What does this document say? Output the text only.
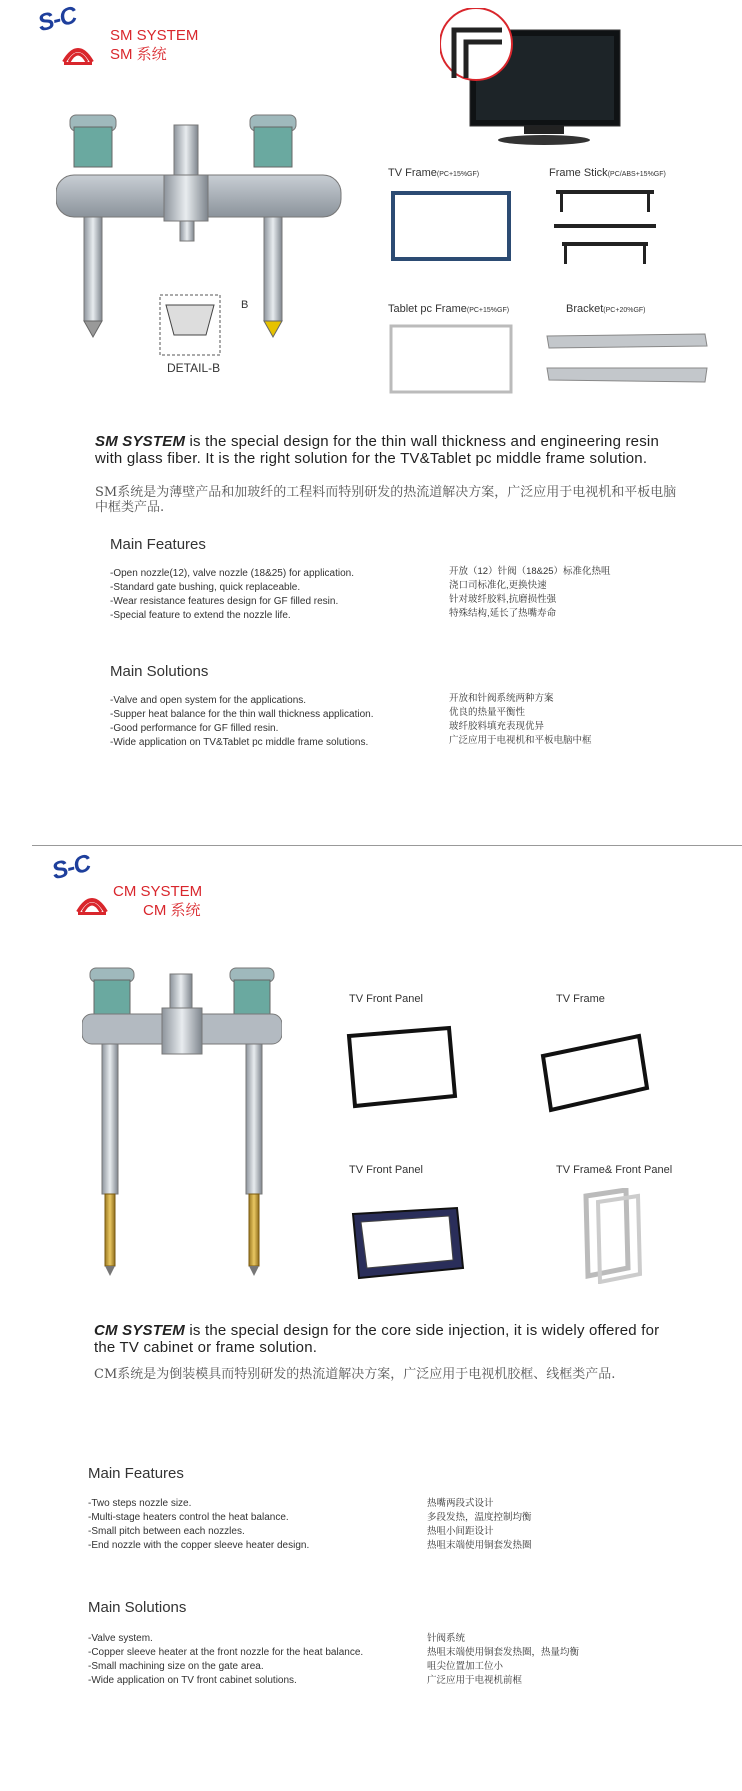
S-C SM SYSTEM
SM 系统
B
DETAIL-B
TV Frame(PC+15%GF)	Frame Stick(PC/ABS+15%GF)
Tablet pc Frame(PC+15%GF)	Bracket(PC+20%GF)
SM SYSTEM is the special design for the thin wall thickness and engineering resin with glass fiber. It is the right solution for the TV&Tablet pc middle frame solution.
SM系统是为薄壁产品和加玻纤的工程料而特别研发的热流道解决方案，广泛应用于电视机和平板电脑中框类产品.
Main Features
-Open nozzle(12), valve nozzle (18&25) for application.
-Standard gate bushing, quick replaceable.
-Wear resistance features design for GF filled resin.
-Special feature to extend the nozzle life.
开放（12）针阀（18&25）标准化热咀
浇口司标准化,更换快速
针对玻纤胶料,抗磨损性强
特殊结构,延长了热嘴寿命
Main Solutions
-Valve and open system for the applications.
-Supper heat balance for the thin wall thickness application.
-Good performance for GF filled resin.
-Wide application on TV&Tablet pc middle frame solutions.
开放和针阀系统两种方案
优良的热量平衡性
玻纤胶料填充表现优异
广泛应用于电视机和平板电脑中框
S-C
CM SYSTEM
CM 系统
TV Front Panel	TV Frame
TV Front Panel	TV Frame& Front Panel
CM SYSTEM is the special design for the core side injection, it is widely offered for the TV cabinet or frame solution.
CM系统是为倒装模具而特别研发的热流道解决方案，广泛应用于电视机胶框、线框类产品.
Main Features
-Two steps nozzle size.
-Multi-stage heaters control the heat balance.
-Small pitch between each nozzles.
-End nozzle with the copper sleeve heater design.
热嘴两段式设计
多段发热，温度控制均衡
热咀小间距设计
热咀末端使用铜套发热圈
Main Solutions
-Valve system.
-Copper sleeve heater at the front nozzle for the heat balance.
-Small machining size on the gate area.
-Wide application on TV front cabinet solutions.
针阀系统
热咀末端使用铜套发热圈，热量均衡
咀尖位置加工位小
广泛应用于电视机前框
